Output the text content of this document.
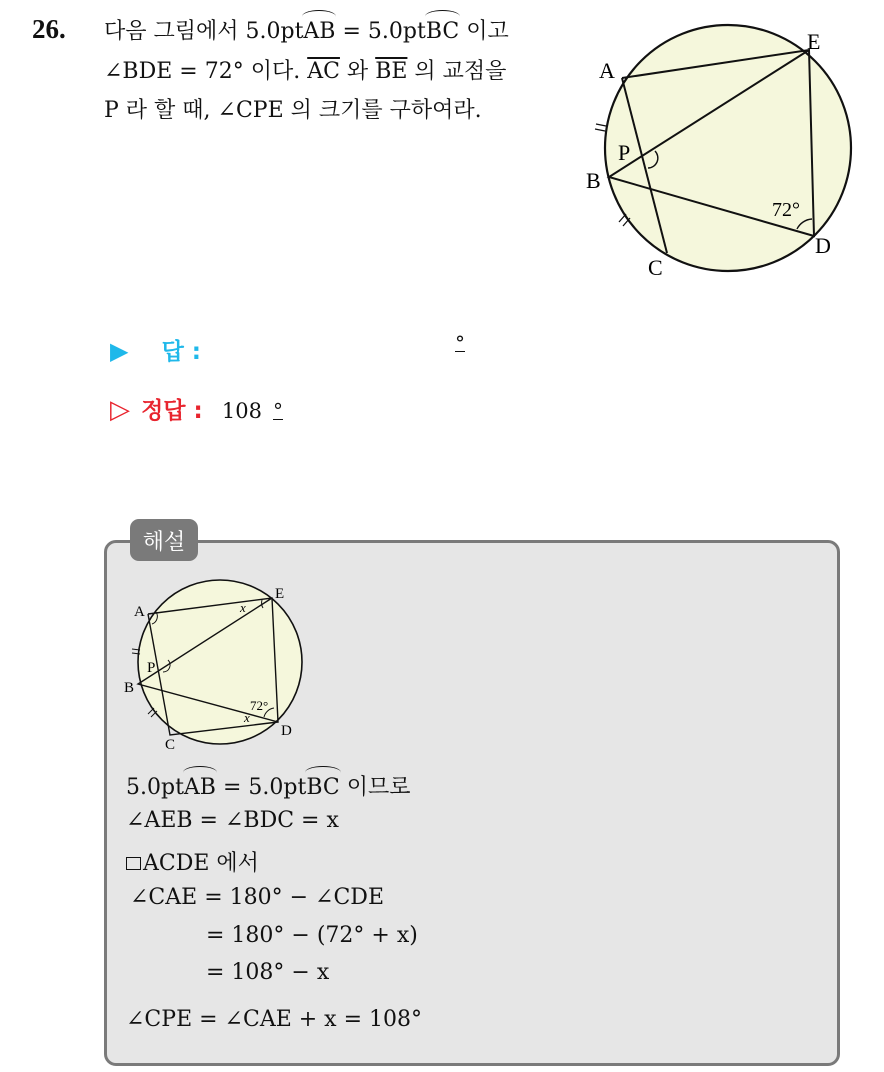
26. 다음 그림에서 5.0ptAB = 5.0ptBC 이고
∠BDE = 72° 이다. $\overline{AC}$ 와 $\overline{BE}$ 의 교점을
P 라 할 때, ∠CPE 의 크기를 구하여라.
A
E
P
B
C
D
72°
▶ 답 :	°
▷ 정답 : 108 °
해설
A
E
P
B
C
D
72°
x
x
5.0ptAB = 5.0ptBC 이므로
∠AEB = ∠BDC = x
ACDE 에서
∠CAE = 180° − ∠CDE
= 180° − (72° + x)
= 108° − x
∠CPE = ∠CAE + x = 108°
